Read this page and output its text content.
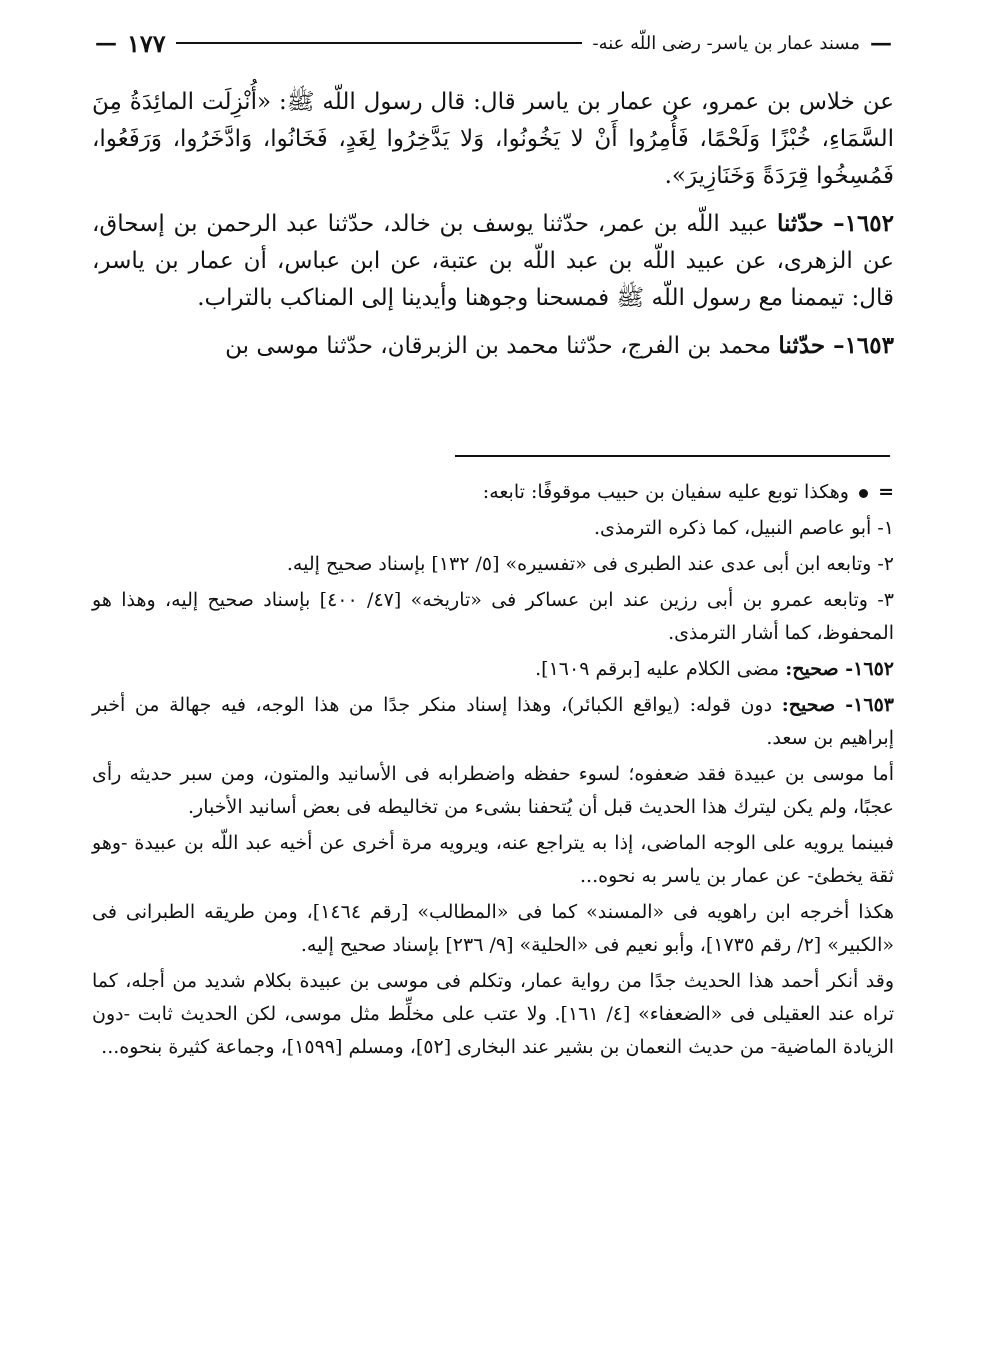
—
مسند عمار بن ياسر- رضى اللّه عنه-
١٧٧
—

عن خلاس بن عمرو، عن عمار بن ياسر قال: قال رسول اللّه ﷺ: «أُنْزِلَت المائِدَةُ مِنَ السَّمَاءِ، خُبْزًا وَلَحْمًا، فَأُمِرُوا أَنْ لا يَخُونُوا، وَلا يَدَّخِرُوا لِغَدٍ، فَخَانُوا، وَادَّخَرُوا، وَرَفَعُوا، فَمُسِخُوا قِرَدَةً وَخَنَازِيرَ».

١٦٥٢– حدّثنا عبيد اللّه بن عمر، حدّثنا يوسف بن خالد، حدّثنا عبد الرحمن بن إسحاق، عن الزهرى، عن عبيد اللّه بن عبد اللّه بن عتبة، عن ابن عباس، أن عمار بن ياسر، قال: تيممنا مع رسول اللّه ﷺ فمسحنا وجوهنا وأيدينا إلى المناكب بالتراب.

١٦٥٣– حدّثنا محمد بن الفرج، حدّثنا محمد بن الزبرقان، حدّثنا موسى بن

=  وهكذا توبع عليه سفيان بن حبيب موقوفًا: تابعه:

١- أبو عاصم النبيل، كما ذكره الترمذى.

٢- وتابعه ابن أبى عدى عند الطبرى فى «تفسيره» [٥/ ١٣٢] بإسناد صحيح إليه.

٣- وتابعه عمرو بن أبى رزين عند ابن عساكر فى «تاريخه» [٤٧/ ٤٠٠] بإسناد صحيح إليه، وهذا هو المحفوظ، كما أشار الترمذى.

١٦٥٢- صحيح: مضى الكلام عليه [برقم ١٦٠٩].

١٦٥٣- صحيح: دون قوله: (يواقع الكبائر)، وهذا إسناد منكر جدًا من هذا الوجه، فيه جهالة من أخبر إبراهيم بن سعد.

أما موسى بن عبيدة فقد ضعفوه؛ لسوء حفظه واضطرابه فى الأسانيد والمتون، ومن سبر حديثه رأى عجبًا، ولم يكن ليترك هذا الحديث قبل أن يُتحفنا بشىء من تخاليطه فى بعض أسانيد الأخبار.

فبينما يرويه على الوجه الماضى، إذا به يتراجع عنه، ويرويه مرة أخرى عن أخيه عبد اللّه بن عبيدة -وهو ثقة يخطئ- عن عمار بن ياسر به نحوه...

هكذا أخرجه ابن راهويه فى «المسند» كما فى «المطالب» [رقم ١٤٦٤]، ومن طريقه الطبرانى فى «الكبير» [٢/ رقم ١٧٣٥]، وأبو نعيم فى «الحلية» [٩/ ٢٣٦] بإسناد صحيح إليه.

وقد أنكر أحمد هذا الحديث جدًا من رواية عمار، وتكلم فى موسى بن عبيدة بكلام شديد من أجله، كما تراه عند العقيلى فى «الضعفاء» [٤/ ١٦١]. ولا عتب على مخلِّط مثل موسى، لكن الحديث ثابت -دون الزيادة الماضية- من حديث النعمان بن بشير عند البخارى [٥٢]، ومسلم [١٥٩٩]، وجماعة كثيرة بنحوه...
